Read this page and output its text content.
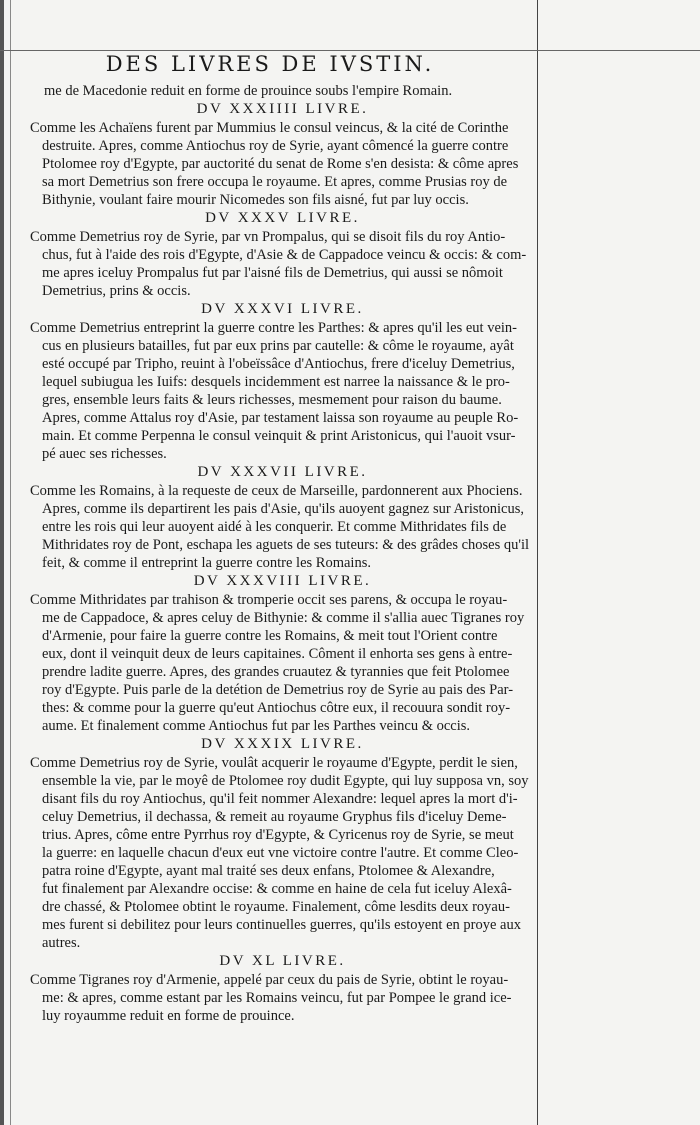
DES LIVRES DE IVSTIN.

me de Macedonie reduit en forme de prouince soubs l'empire Romain.

DV XXXIIII LIVRE.

Comme les Achaïens furent par Mummius le consul veincus, & la cité de Corinthe
destruite. Apres, comme Antiochus roy de Syrie, ayant cômencé la guerre contre
Ptolomee roy d'Egypte, par auctorité du senat de Rome s'en desista: & côme apres
sa mort Demetrius son frere occupa le royaume. Et apres, comme Prusias roy de
Bithynie, voulant faire mourir Nicomedes son fils aisné, fut par luy occis.

DV XXXV LIVRE.

Comme Demetrius roy de Syrie, par vn Prompalus, qui se disoit fils du roy Antio-
chus, fut à l'aide des rois d'Egypte, d'Asie & de Cappadoce veincu & occis: & com-
me apres iceluy Prompalus fut par l'aisné fils de Demetrius, qui aussi se nômoit
Demetrius, prins & occis.

DV XXXVI LIVRE.

Comme Demetrius entreprint la guerre contre les Parthes: & apres qu'il les eut vein-
cus en plusieurs batailles, fut par eux prins par cautelle: & côme le royaume, ayât
esté occupé par Tripho, reuint à l'obeïssâce d'Antiochus, frere d'iceluy Demetrius,
lequel subiugua les Iuifs: desquels incidemment est narree la naissance & le pro-
gres, ensemble leurs faits & leurs richesses, mesmement pour raison du baume.
Apres, comme Attalus roy d'Asie, par testament laissa son royaume au peuple Ro-
main. Et comme Perpenna le consul veinquit & print Aristonicus, qui l'auoit vsur-
pé auec ses richesses.

DV XXXVII LIVRE.

Comme les Romains, à la requeste de ceux de Marseille, pardonnerent aux Phociens.
Apres, comme ils departirent les pais d'Asie, qu'ils auoyent gagnez sur Aristonicus,
entre les rois qui leur auoyent aidé à les conquerir. Et comme Mithridates fils de
Mithridates roy de Pont, eschapa les aguets de ses tuteurs: & des grâdes choses qu'il
feit, & comme il entreprint la guerre contre les Romains.

DV XXXVIII LIVRE.

Comme Mithridates par trahison & tromperie occit ses parens, & occupa le royau-
me de Cappadoce, & apres celuy de Bithynie: & comme il s'allia auec Tigranes roy
d'Armenie, pour faire la guerre contre les Romains, & meit tout l'Orient contre
eux, dont il veinquit deux de leurs capitaines. Côment il enhorta ses gens à entre-
prendre ladite guerre. Apres, des grandes cruautez & tyrannies que feit Ptolomee
roy d'Egypte. Puis parle de la detétion de Demetrius roy de Syrie au pais des Par-
thes: & comme pour la guerre qu'eut Antiochus côtre eux, il recouura sondit roy-
aume. Et finalement comme Antiochus fut par les Parthes veincu & occis.

DV XXXIX LIVRE.

Comme Demetrius roy de Syrie, voulât acquerir le royaume d'Egypte, perdit le sien,
ensemble la vie, par le moyê de Ptolomee roy dudit Egypte, qui luy supposa vn, soy
disant fils du roy Antiochus, qu'il feit nommer Alexandre: lequel apres la mort d'i-
celuy Demetrius, il dechassa, & remeit au royaume Gryphus fils d'iceluy Deme-
trius. Apres, côme entre Pyrrhus roy d'Egypte, & Cyricenus roy de Syrie, se meut
la guerre: en laquelle chacun d'eux eut vne victoire contre l'autre. Et comme Cleo-
patra roine d'Egypte, ayant mal traité ses deux enfans, Ptolomee & Alexandre,
fut finalement par Alexandre occise: & comme en haine de cela fut iceluy Alexâ-
dre chassé, & Ptolomee obtint le royaume. Finalement, côme lesdits deux royau-
mes furent si debilitez pour leurs continuelles guerres, qu'ils estoyent en proye aux
autres.

DV XL LIVRE.

Comme Tigranes roy d'Armenie, appelé par ceux du pais de Syrie, obtint le royau-
me: & apres, comme estant par les Romains veincu, fut par Pompee le grand ice-
luy royaumme reduit en forme de prouince.
